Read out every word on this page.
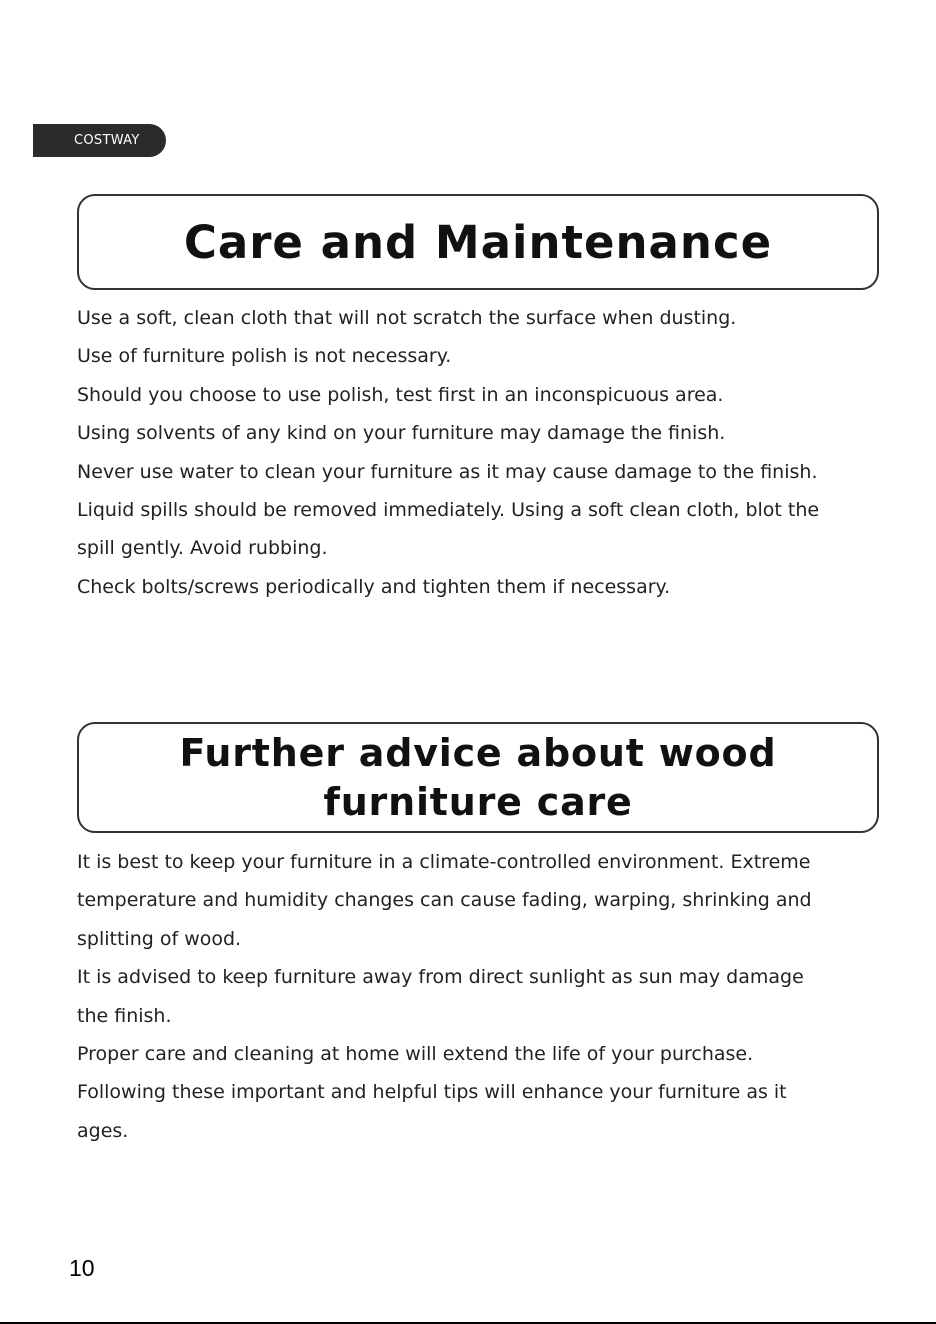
COSTWAY
Care and Maintenance
Use a soft, clean cloth that will not scratch the surface when dusting.
Use of furniture polish is not necessary.
Should you choose to use polish, test first in an inconspicuous area.
Using solvents of any kind on your furniture may damage the finish.
Never use water to clean your furniture as it may cause damage to the finish.
Liquid spills should be removed immediately. Using a soft clean cloth, blot the
spill gently. Avoid rubbing.
Check bolts/screws periodically and tighten them if necessary.
Further advice about wood
furniture care
It is best to keep your furniture in a climate-controlled environment. Extreme
temperature and humidity changes can cause fading, warping, shrinking and
splitting of wood.
It is advised to keep furniture away from direct sunlight as sun may damage
the finish.
Proper care and cleaning at home will extend the life of your purchase.
Following these important and helpful tips will enhance your furniture as it
ages.
10
